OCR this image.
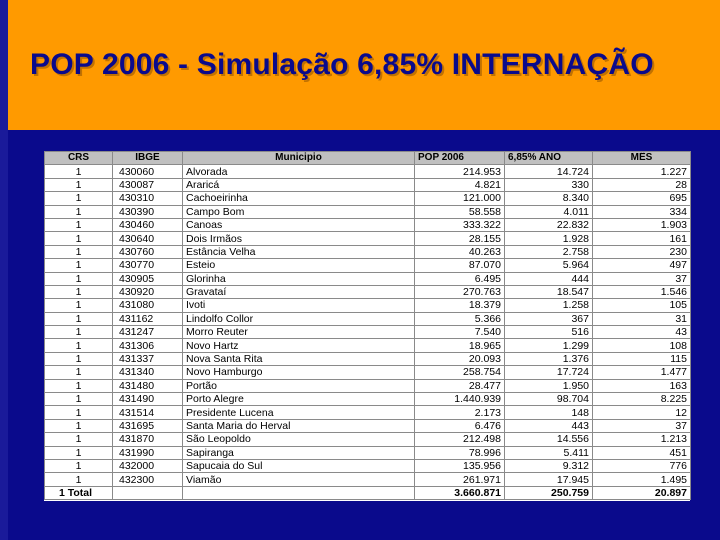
POP 2006 - Simulação 6,85% INTERNAÇÃO
CRS	IBGE	Municipio	POP 2006	6,85% ANO	MÊS
1	430060	Alvorada	214.953	14.724	1.227
1	430087	Araricá	4.821	330	28
1	430310	Cachoeirinha	121.000	8.340	695
1	430390	Campo Bom	58.558	4.011	334
1	430460	Canoas	333.322	22.832	1.903
1	430640	Dois Irmãos	28.155	1.928	161
1	430760	Estância Velha	40.263	2.758	230
1	430770	Esteio	87.070	5.964	497
1	430905	Glorinha	6.495	444	37
1	430920	Gravataí	270.763	18.547	1.546
1	431080	Ivoti	18.379	1.258	105
1	431162	Lindolfo Collor	5.366	367	31
1	431247	Morro Reuter	7.540	516	43
1	431306	Novo Hartz	18.965	1.299	108
1	431337	Nova Santa Rita	20.093	1.376	115
1	431340	Novo Hamburgo	258.754	17.724	1.477
1	431480	Portão	28.477	1.950	163
1	431490	Porto Alegre	1.440.939	98.704	8.225
1	431514	Presidente Lucena	2.173	148	12
1	431695	Santa Maria do Herval	6.476	443	37
1	431870	São Leopoldo	212.498	14.556	1.213
1	431990	Sapiranga	78.996	5.411	451
1	432000	Sapucaia do Sul	135.956	9.312	776
1	432300	Viamão	261.971	17.945	1.495
1 Total			3.660.871	250.759	20.897
